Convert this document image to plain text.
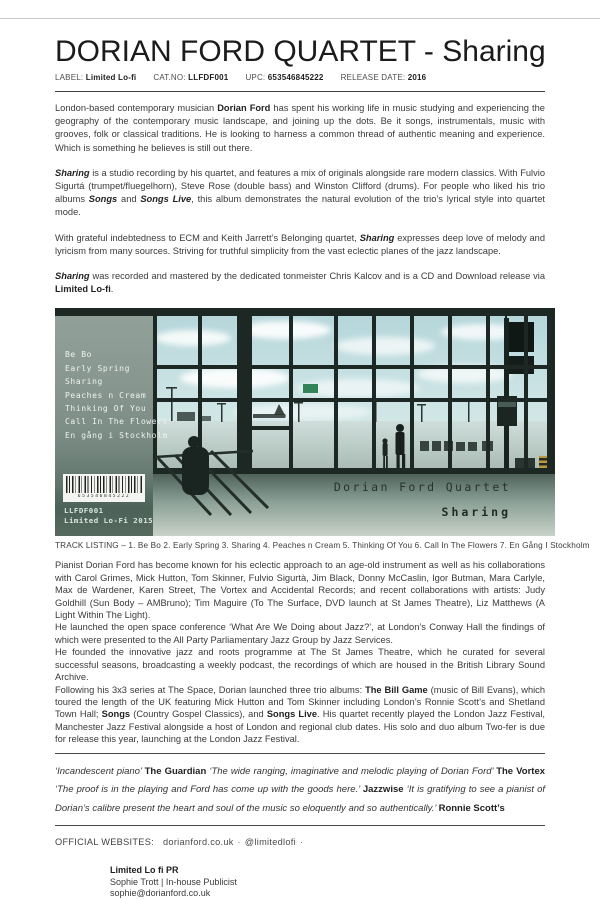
DORIAN FORD QUARTET - Sharing
LABEL: Limited Lo-fi CAT.NO: LLFDF001 UPC: 653546845222 RELEASE DATE: 2016

London-based contemporary musician Dorian Ford has spent his working life in music studying and experiencing the geography of the contemporary music landscape, and joining up the dots. Be it songs, instrumentals, music with grooves, folk or classical traditions. He is looking to harness a common thread of authentic meaning and experience. Which is something he believes is still out there.

Sharing is a studio recording by his quartet, and features a mix of originals alongside rare modern classics. With Fulvio Sigurtá (trumpet/fluegelhorn), Steve Rose (double bass) and Winston Clifford (drums). For people who liked his trio albums Songs and Songs Live, this album demonstrates the natural evolution of the trio’s lyrical style into quartet mode.

With grateful indebtedness to ECM and Keith Jarrett’s Belonging quartet, Sharing expresses deep love of melody and lyricism from many sources. Striving for truthful simplicity from the vast eclectic planes of the jazz landscape.

Sharing was recorded and mastered by the dedicated tonmeister Chris Kalcov and is a CD and Download release via Limited Lo-fi.

Be Bo
Early Spring
Sharing
Peaches n Cream
Thinking Of You
Call In The Flowers
En gång i Stockholm
653546845222
LLFDF001
Limited Lo-Fi 2015
Dorian Ford Quartet
Sharing
TRACK LISTING – 1. Be Bo 2. Early Spring 3. Sharing 4. Peaches n Cream 5. Thinking Of You 6. Call In The Flowers 7. En Gång I Stockholm

Pianist Dorian Ford has become known for his eclectic approach to an age-old instrument as well as his collaborations with Carol Grimes, Mick Hutton, Tom Skinner, Fulvio Sigurtà, Jim Black, Donny McCaslin, Igor Butman, Mara Carlyle, Max de Wardener, Karen Street, The Vortex and Accidental Records; and recent collaborations with artists: Judy Goldhill (Sun Body – AMBruno); Tim Maguire (To The Surface, DVD launch at St James Theatre), Liz Matthews (A Light Within The Light).

He launched the open space conference ‘What Are We Doing about Jazz?’, at London’s Conway Hall the findings of which were presented to the All Party Parliamentary Jazz Group by Jazz Services.

He founded the innovative jazz and roots programme at The St James Theatre, which he curated for several successful seasons, broadcasting a weekly podcast, the recordings of which are housed in the British Library Sound Archive.

Following his 3x3 series at The Space, Dorian launched three trio albums: The Bill Game (music of Bill Evans), which toured the length of the UK featuring Mick Hutton and Tom Skinner including London’s Ronnie Scott’s and Shetland Town Hall; Songs (Country Gospel Classics), and Songs Live. His quartet recently played the London Jazz Festival, Manchester Jazz Festival alongside a host of London and regional club dates. His solo and duo album Two-fer is due for release this year, launching at the London Jazz Festival.

‘Incandescent piano’ The Guardian ‘The wide ranging, imaginative and melodic playing of Dorian Ford’ The Vortex ‘The proof is in the playing and Ford has come up with the goods here.’ Jazzwise ‘It is gratifying to see a pianist of Dorian’s calibre present the heart and soul of the music so eloquently and so authentically.’ Ronnie Scott’s
OFFICIAL WEBSITES: dorianford.co.uk · @limitedlofi ·
Limited Lo fi PR
Sophie Trott | In-house Publicist
sophie@dorianford.co.uk
